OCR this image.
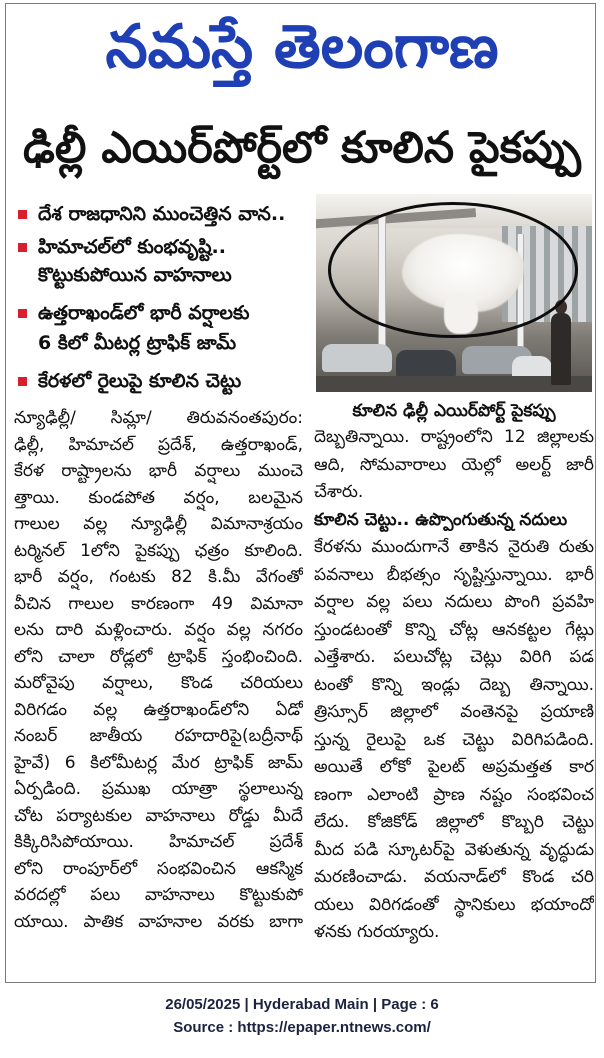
నమస్తే తెలంగాణ
ఢిల్లీ ఎయిర్‌పోర్ట్‌లో కూలిన పైకప్పు
దేశ రాజధానిని ముంచెత్తిన వాన..
హిమాచల్‌లో కుంభవృష్టి..
కొట్టుకుపోయిన వాహనాలు
ఉత్తరాఖండ్‌లో భారీ వర్షాలకు
6 కిలో మీటర్ల ట్రాఫిక్ జామ్
కేరళలో రైలుపై కూలిన చెట్టు
కూలిన ఢిల్లీ ఎయిర్‌పోర్ట్ పైకప్పు
న్యూఢిల్లీ/ సిమ్లా/ తిరువనంతపురం:
ఢిల్లీ, హిమాచల్ ప్రదేశ్, ఉత్తరాఖండ్,
కేరళ రాష్ట్రాలను భారీ వర్షాలు ముంచె
త్తాయి. కుండపోత వర్షం, బలమైన
గాలుల వల్ల న్యూఢిల్లీ విమానాశ్రయం
టర్మినల్ 1లోని పైకప్పు ఛత్రం కూలింది.
భారీ వర్షం, గంటకు 82 కి.మీ వేగంతో
వీచిన గాలుల కారణంగా 49 విమానా
లను దారి మళ్లించారు. వర్షం వల్ల నగరం
లోని చాలా రోడ్లలో ట్రాఫిక్ స్తంభించింది.
మరోవైపు వర్షాలు, కొండ చరియలు
విరిగడం వల్ల ఉత్తరాఖండ్‌లోని ఏడో
నంబర్ జాతీయ రహదారిపై(బద్రీనాథ్
హైవే) 6 కిలోమీటర్ల మేర ట్రాఫిక్ జామ్
ఏర్పడింది. ప్రముఖ యాత్రా స్థలాలున్న
చోట పర్యాటకుల వాహనాలు రోడ్డు మీదే
కిక్కిరిసిపోయాయి. హిమాచల్ ప్రదేశ్
లోని రాంపూర్‌లో సంభవించిన ఆకస్మిక
వరదల్లో పలు వాహనాలు కొట్టుకుపో
యాయి. పాతిక వాహనాల వరకు బాగా
దెబ్బతిన్నాయి. రాష్ట్రంలోని 12 జిల్లాలకు
ఆది, సోమవారాలు యెల్లో అలర్ట్ జారీ
చేశారు.
కూలిన చెట్టు.. ఉప్పొంగుతున్న నదులు
కేరళను ముందుగానే తాకిన నైరుతి రుతు
పవనాలు బీభత్సం సృష్టిస్తున్నాయి. భారీ
వర్షాల వల్ల పలు నదులు పొంగి ప్రవహి
స్తుండటంతో కొన్ని చోట్ల ఆనకట్టల గేట్లు
ఎత్తేశారు. పలుచోట్ల చెట్లు విరిగి పడ
టంతో కొన్ని ఇండ్లు దెబ్బ తిన్నాయి.
త్రిస్సూర్ జిల్లాలో వంతెనపై ప్రయాణి
స్తున్న రైలుపై ఒక చెట్టు విరిగిపడింది.
అయితే లోకో పైలట్ అప్రమత్తత కార
ణంగా ఎలాంటి ప్రాణ నష్టం సంభవించ
లేదు. కోజికోడ్ జిల్లాలో కొబ్బరి చెట్టు
మీద పడి స్కూటర్‌పై వెళుతున్న వృద్ధుడు
మరణించాడు. వయనాడ్‌లో కొండ చరి
యలు విరిగడంతో స్థానికులు భయాందో
ళనకు గురయ్యారు.
26/05/2025 | Hyderabad Main | Page : 6
Source : https://epaper.ntnews.com/
